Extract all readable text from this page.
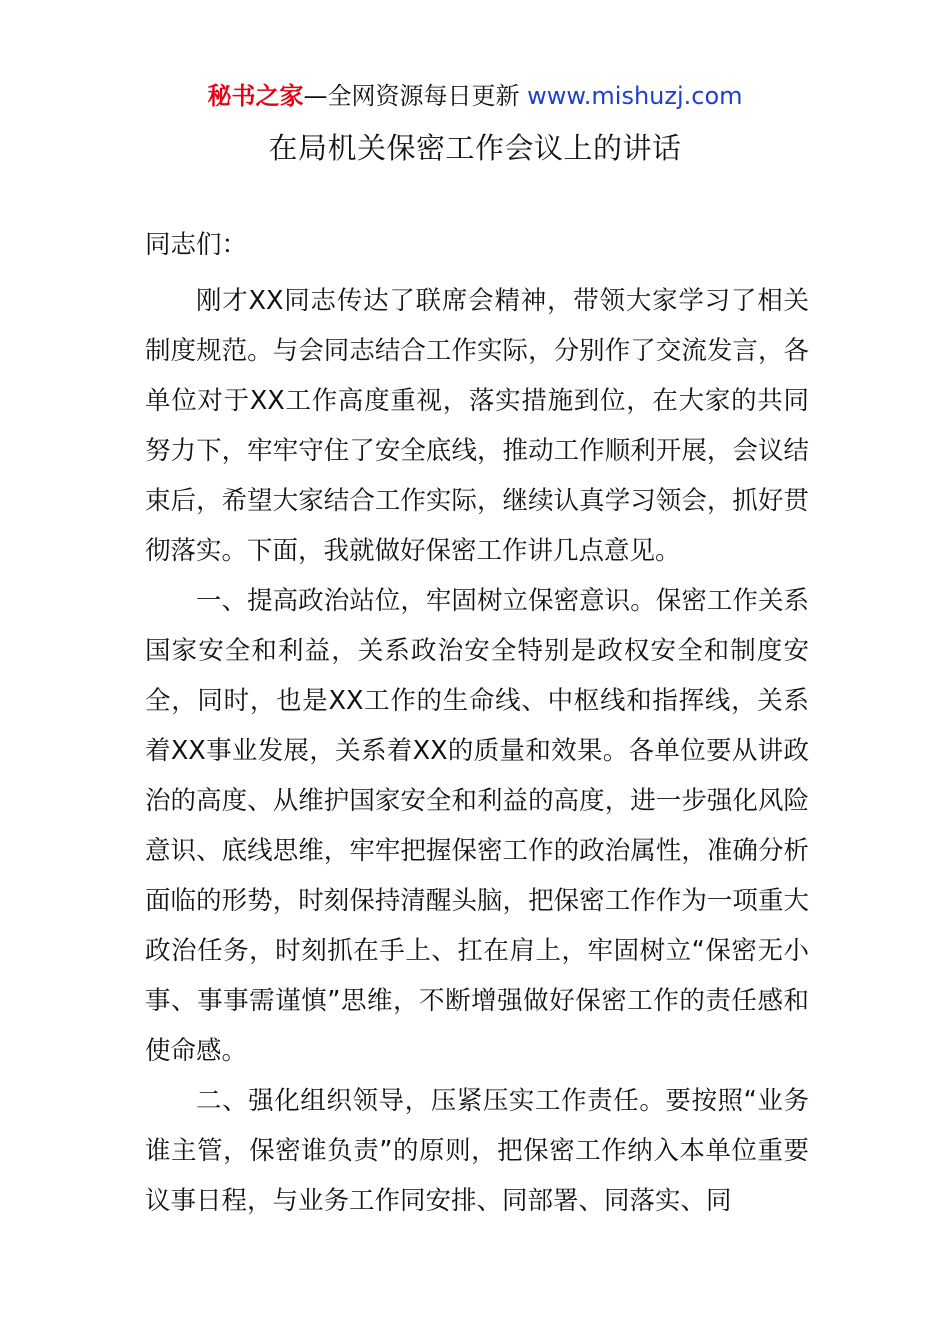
秘书之家—全网资源每日更新 www.mishuzj.com
在局机关保密工作会议上的讲话

同志们：

刚才XX同志传达了联席会精神，带领大家学习了相关制度规范。与会同志结合工作实际，分别作了交流发言，各单位对于XX工作高度重视，落实措施到位，在大家的共同努力下，牢牢守住了安全底线，推动工作顺利开展，会议结束后，希望大家结合工作实际，继续认真学习领会，抓好贯彻落实。下面，我就做好保密工作讲几点意见。

一、提高政治站位，牢固树立保密意识。保密工作关系国家安全和利益，关系政治安全特别是政权安全和制度安全，同时，也是XX工作的生命线、中枢线和指挥线，关系着XX事业发展，关系着XX的质量和效果。各单位要从讲政治的高度、从维护国家安全和利益的高度，进一步强化风险意识、底线思维，牢牢把握保密工作的政治属性，准确分析面临的形势，时刻保持清醒头脑，把保密工作作为一项重大政治任务，时刻抓在手上、扛在肩上，牢固树立“保密无小事、事事需谨慎”思维，不断增强做好保密工作的责任感和使命感。

二、强化组织领导，压紧压实工作责任。要按照“业务谁主管，保密谁负责”的原则，把保密工作纳入本单位重要议事日程，与业务工作同安排、同部署、同落实、同
